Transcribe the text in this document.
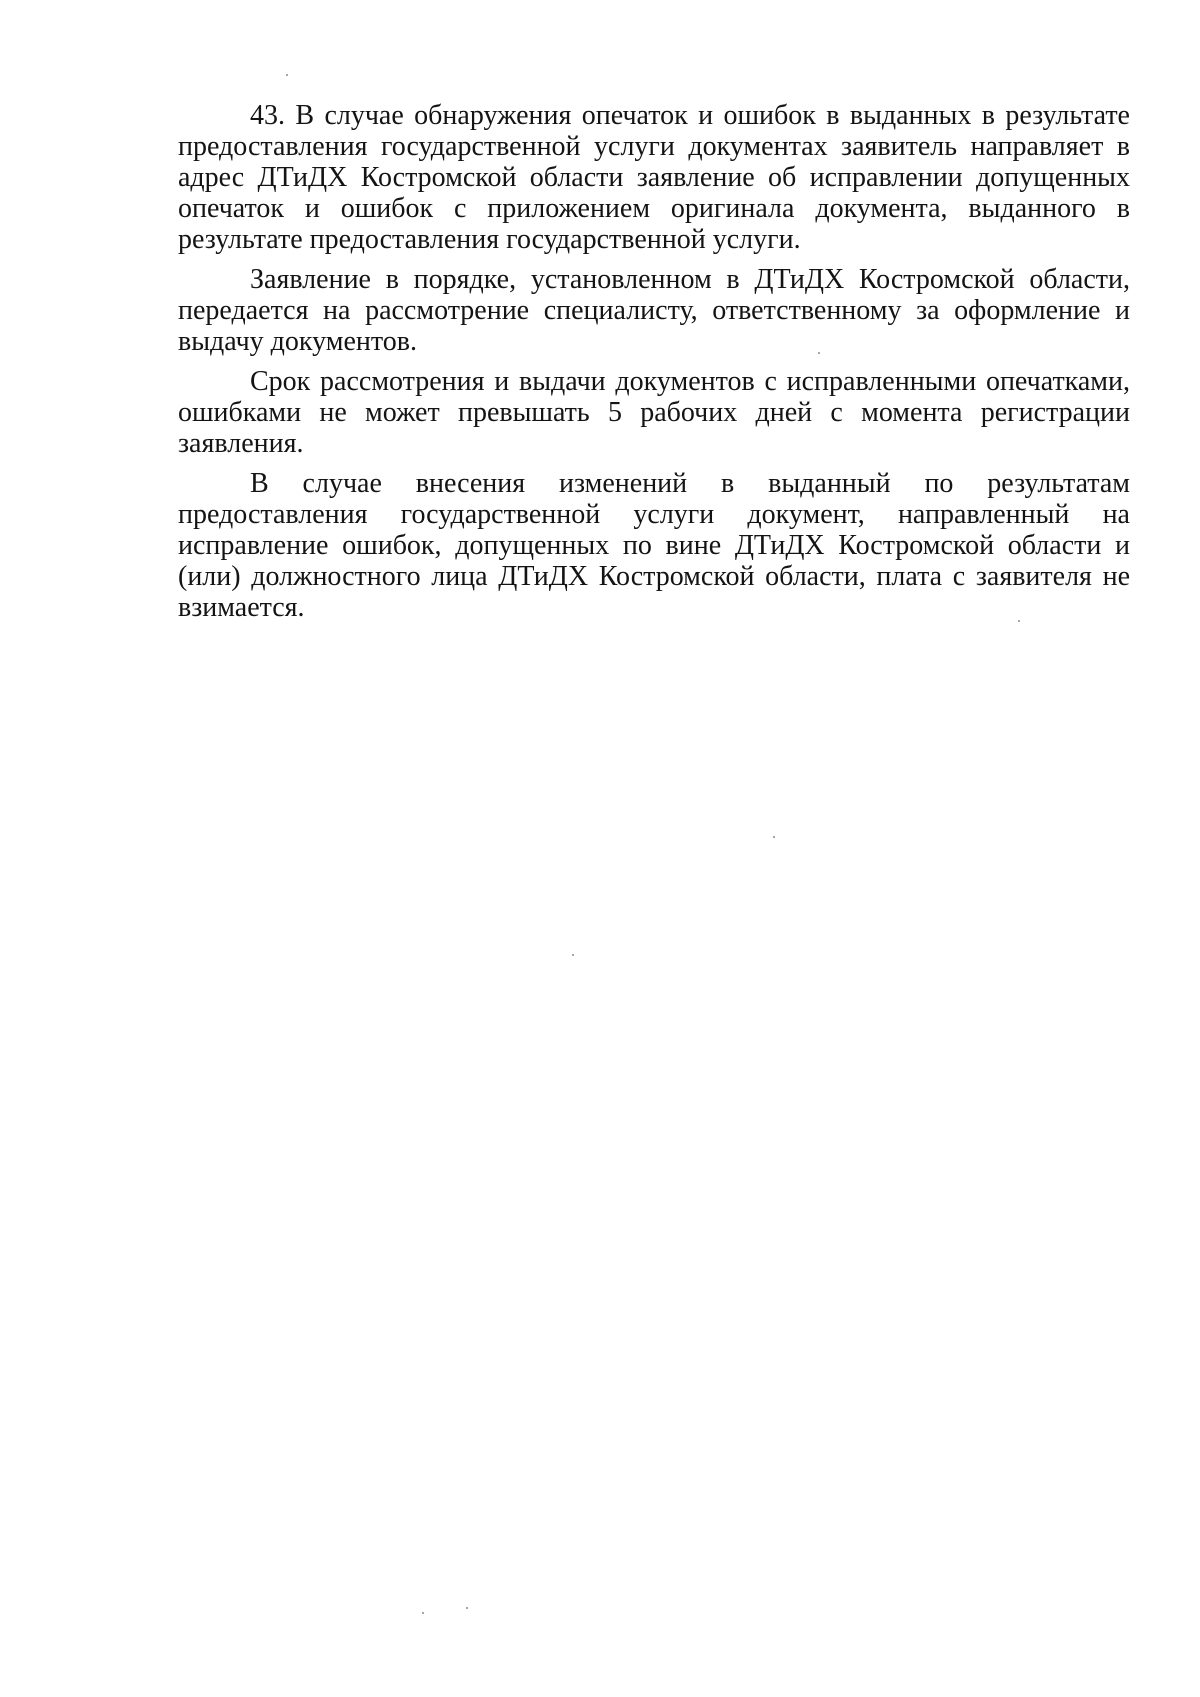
43. В случае обнаружения опечаток и ошибок в выданных в результате предоставления государственной услуги документах заявитель направляет в адрес ДТиДХ Костромской области заявление об исправлении допущенных опечаток и ошибок с приложением оригинала документа, выданного в результате предоставления государственной услуги.

Заявление в порядке, установленном в ДТиДХ Костромской области, передается на рассмотрение специалисту, ответственному за оформление и выдачу документов.

Срок рассмотрения и выдачи документов с исправленными опечатками, ошибками не может превышать 5 рабочих дней с момента регистрации заявления.

В случае внесения изменений в выданный по результатам предоставления государственной услуги документ, направленный на исправление ошибок, допущенных по вине ДТиДХ Костромской области и (или) должностного лица ДТиДХ Костромской области, плата с заявителя не взимается.
